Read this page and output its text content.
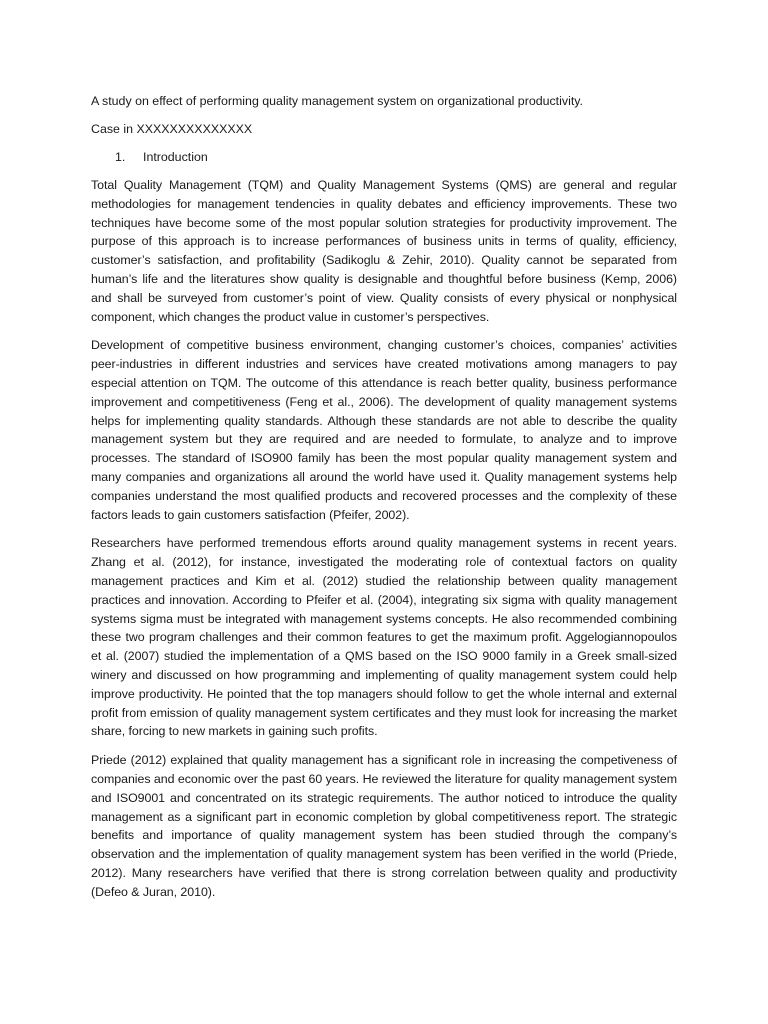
A study on effect of performing quality management system on organizational productivity.
Case in XXXXXXXXXXXXXX
1. Introduction

Total Quality Management (TQM) and Quality Management Systems (QMS) are general and regular methodologies for management tendencies in quality debates and efficiency improvements. These two techniques have become some of the most popular solution strategies for productivity improvement. The purpose of this approach is to increase performances of business units in terms of quality, efficiency, customer’s satisfaction, and profitability (Sadikoglu & Zehir, 2010). Quality cannot be separated from human’s life and the literatures show quality is designable and thoughtful before business (Kemp, 2006) and shall be surveyed from customer’s point of view. Quality consists of every physical or nonphysical component, which changes the product value in customer’s perspectives.

Development of competitive business environment, changing customer’s choices, companies’ activities peer-industries in different industries and services have created motivations among managers to pay especial attention on TQM. The outcome of this attendance is reach better quality, business performance improvement and competitiveness (Feng et al., 2006). The development of quality management systems helps for implementing quality standards. Although these standards are not able to describe the quality management system but they are required and are needed to formulate, to analyze and to improve processes. The standard of ISO900 family has been the most popular quality management system and many companies and organizations all around the world have used it. Quality management systems help companies understand the most qualified products and recovered processes and the complexity of these factors leads to gain customers satisfaction (Pfeifer, 2002).

Researchers have performed tremendous efforts around quality management systems in recent years. Zhang et al. (2012), for instance, investigated the moderating role of contextual factors on quality management practices and Kim et al. (2012) studied the relationship between quality management practices and innovation. According to Pfeifer et al. (2004), integrating six sigma with quality management systems sigma must be integrated with management systems concepts. He also recommended combining these two program challenges and their common features to get the maximum profit. Aggelogiannopoulos et al. (2007) studied the implementation of a QMS based on the ISO 9000 family in a Greek small-sized winery and discussed on how programming and implementing of quality management system could help improve productivity. He pointed that the top managers should follow to get the whole internal and external profit from emission of quality management system certificates and they must look for increasing the market share, forcing to new markets in gaining such profits.

Priede (2012) explained that quality management has a significant role in increasing the competiveness of companies and economic over the past 60 years. He reviewed the literature for quality management system and ISO9001 and concentrated on its strategic requirements. The author noticed to introduce the quality management as a significant part in economic completion by global competitiveness report. The strategic benefits and importance of quality management system has been studied through the company’s observation and the implementation of quality management system has been verified in the world (Priede, 2012). Many researchers have verified that there is strong correlation between quality and productivity (Defeo & Juran, 2010).
